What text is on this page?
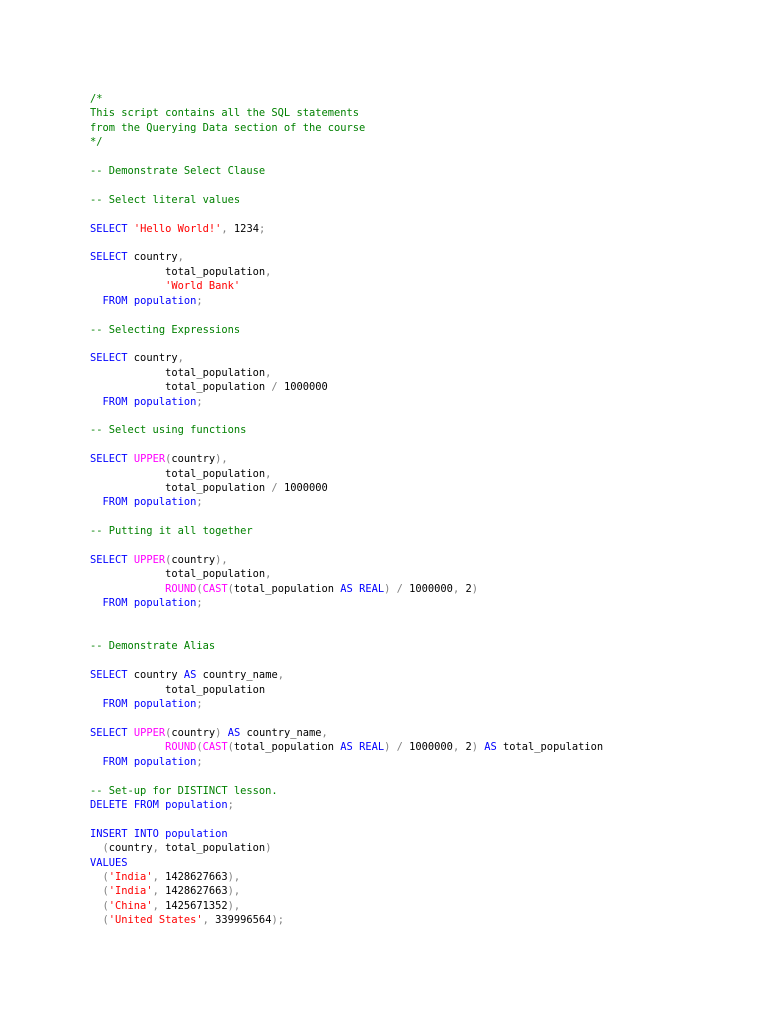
/*
This script contains all the SQL statements
from the Querying Data section of the course
*/

-- Demonstrate Select Clause

-- Select literal values

SELECT 'Hello World!', 1234;

SELECT country,
total_population,
'World Bank'
FROM population;

-- Selecting Expressions

SELECT country,
total_population,
total_population / 1000000
FROM population;

-- Select using functions

SELECT UPPER(country),
total_population,
total_population / 1000000
FROM population;

-- Putting it all together

SELECT UPPER(country),
total_population,
ROUND(CAST(total_population AS REAL) / 1000000, 2)
FROM population;

-- Demonstrate Alias

SELECT country AS country_name,
total_population
FROM population;

SELECT UPPER(country) AS country_name,
ROUND(CAST(total_population AS REAL) / 1000000, 2) AS total_population
FROM population;

-- Set-up for DISTINCT lesson.
DELETE FROM population;

INSERT INTO population
(country, total_population)
VALUES
('India', 1428627663),
('India', 1428627663),
('China', 1425671352),
('United States', 339996564);
